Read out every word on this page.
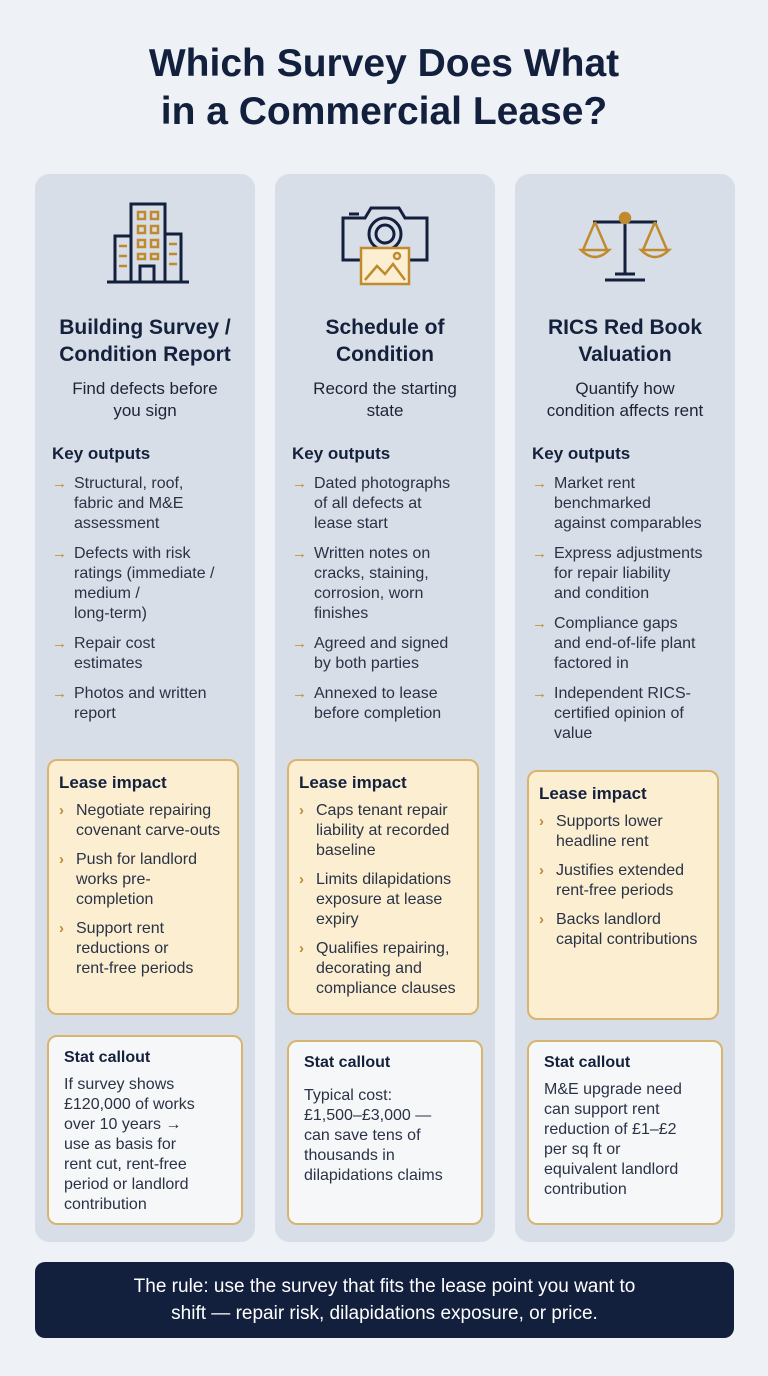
Which Survey Does What
in a Commercial Lease?
Building Survey /
Condition Report
Find defects before
you sign
Key outputs
→ Structural, roof,
fabric and M&E
assessment
→ Defects with risk
ratings (immediate /
medium /
long-term)
→ Repair cost
estimates
→ Photos and written
report
Lease impact
› Negotiate repairing
covenant carve-outs
› Push for landlord
works pre-
completion
› Support rent
reductions or
rent-free periods
Stat callout
If survey shows
£120,000 of works
over 10 years →
use as basis for
rent cut, rent-free
period or landlord
contribution
Schedule of
Condition
Record the starting
state
Key outputs
→ Dated photographs
of all defects at
lease start
→ Written notes on
cracks, staining,
corrosion, worn
finishes
→ Agreed and signed
by both parties
→ Annexed to lease
before completion
Lease impact
› Caps tenant repair
liability at recorded
baseline
› Limits dilapidations
exposure at lease
expiry
› Qualifies repairing,
decorating and
compliance clauses
Stat callout
Typical cost:
£1,500–£3,000 —
can save tens of
thousands in
dilapidations claims
RICS Red Book
Valuation
Quantify how
condition affects rent
Key outputs
→ Market rent
benchmarked
against comparables
→ Express adjustments
for repair liability
and condition
→ Compliance gaps
and end-of-life plant
factored in
→ Independent RICS-
certified opinion of
value
Lease impact
› Supports lower
headline rent
› Justifies extended
rent-free periods
› Backs landlord
capital contributions
Stat callout
M&E upgrade need
can support rent
reduction of £1–£2
per sq ft or
equivalent landlord
contribution
The rule: use the survey that fits the lease point you want to
shift — repair risk, dilapidations exposure, or price.
